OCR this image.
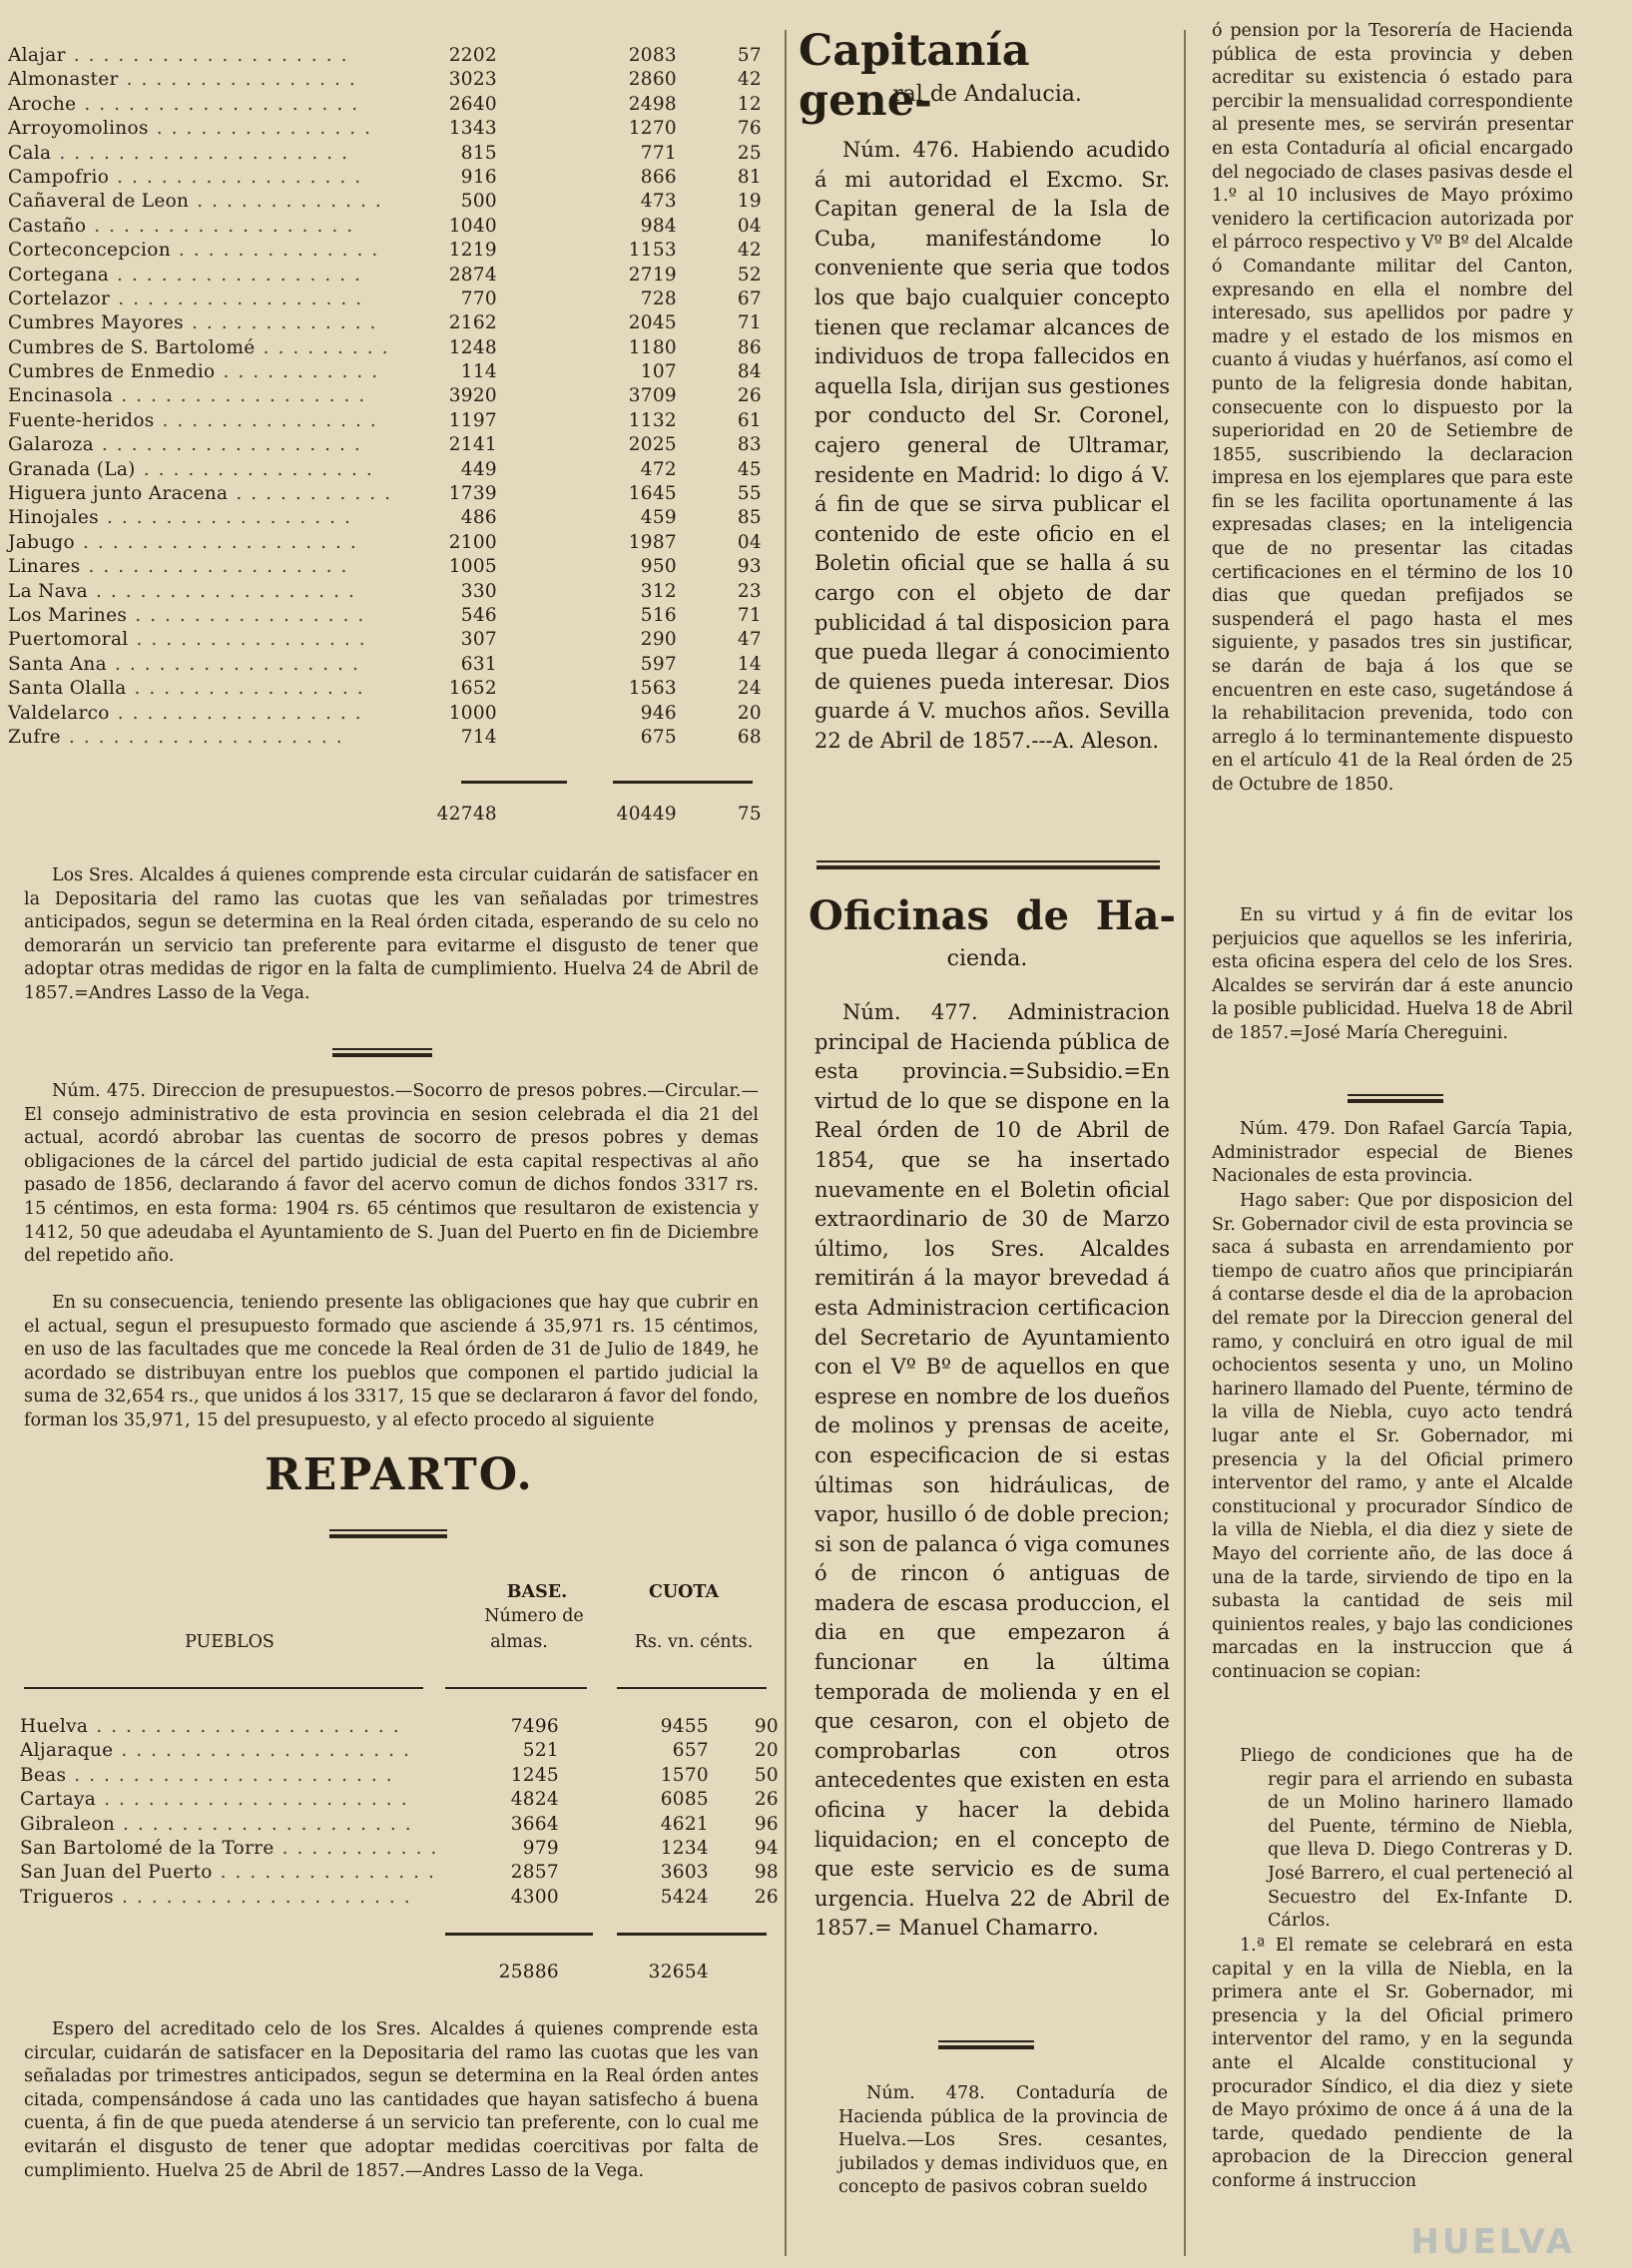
Alajar ...................	2202	2083	57
Almonaster ................	3023	2860	42
Aroche ...................	2640	2498	12
Arroyomolinos ...............	1343	1270	76
Cala ....................	815	771	25
Campofrio .................	916	866	81
Cañaveral de Leon .............	500	473	19
Castaño ..................	1040	984	04
Corteconcepcion ..............	1219	1153	42
Cortegana .................	2874	2719	52
Cortelazor .................	770	728	67
Cumbres Mayores .............	2162	2045	71
Cumbres de S. Bartolomé .........	1248	1180	86
Cumbres de Enmedio ...........	114	107	84
Encinasola .................	3920	3709	26
Fuente-heridos ...............	1197	1132	61
Galaroza ..................	2141	2025	83
Granada (La) ................	449	472	45
Higuera junto Aracena ...........	1739	1645	55
Hinojales .................	486	459	85
Jabugo ...................	2100	1987	04
Linares ..................	1005	950	93
La Nava ..................	330	312	23
Los Marines ................	546	516	71
Puertomoral ................	307	290	47
Santa Ana .................	631	597	14
Santa Olalla ................	1652	1563	24
Valdelarco .................	1000	946	20
Zufre ...................	714	675	68
42748	40449	75
Los Sres. Alcaldes á quienes comprende esta circular cuidarán de satisfacer en la Depositaria del ramo las cuotas que les van señaladas por trimestres anticipados, segun se determina en la Real órden citada, esperando de su celo no demorarán un servicio tan preferente para evitarme el disgusto de tener que adoptar otras medidas de rigor en la falta de cumplimiento. Huelva 24 de Abril de 1857.=Andres Lasso de la Vega.
Núm. 475. Direccion de presupuestos.—Socorro de presos pobres.—Circular.—El consejo administrativo de esta provincia en sesion celebrada el dia 21 del actual, acordó abrobar las cuentas de socorro de presos pobres y demas obligaciones de la cárcel del partido judicial de esta capital respectivas al año pasado de 1856, declarando á favor del acervo comun de dichos fondos 3317 rs. 15 céntimos, en esta forma: 1904 rs. 65 céntimos que resultaron de existencia y 1412, 50 que adeudaba el Ayuntamiento de S. Juan del Puerto en fin de Diciembre del repetido año.
En su consecuencia, teniendo presente las obligaciones que hay que cubrir en el actual, segun el presupuesto formado que asciende á 35,971 rs. 15 céntimos, en uso de las facultades que me concede la Real órden de 31 de Julio de 1849, he acordado se distribuyan entre los pueblos que componen el partido judicial la suma de 32,654 rs., que unidos á los 3317, 15 que se declararon á favor del fondo, forman los 35,971, 15 del presupuesto, y al efecto procedo al siguiente
REPARTO.
BASE.
Número de
almas.
CUOTA
Rs. vn. cénts.
PUEBLOS
Huelva .....................	7496	9455	90
Aljaraque ....................	521	657	20
Beas ......................	1245	1570	50
Cartaya .....................	4824	6085	26
Gibraleon ....................	3664	4621	96
San Bartolomé de la Torre ...........	979	1234	94
San Juan del Puerto ...............	2857	3603	98
Trigueros ....................	4300	5424	26
25886	32654
Espero del acreditado celo de los Sres. Alcaldes á quienes comprende esta circular, cuidarán de satisfacer en la Depositaria del ramo las cuotas que les van señaladas por trimestres anticipados, segun se determina en la Real órden antes citada, compensándose á cada uno las cantidades que hayan satisfecho á buena cuenta, á fin de que pueda atenderse á un servicio tan preferente, con lo cual me evitarán el disgusto de tener que adoptar medidas coercitivas por falta de cumplimiento. Huelva 25 de Abril de 1857.—Andres Lasso de la Vega.
Capitanía gene-
ral de Andalucia.
Núm. 476. Habiendo acudido á mi autoridad el Excmo. Sr. Capitan general de la Isla de Cuba, manifestándome lo conveniente que seria que todos los que bajo cualquier concepto tienen que reclamar alcances de individuos de tropa fallecidos en aquella Isla, dirijan sus gestiones por conducto del Sr. Coronel, cajero general de Ultramar, residente en Madrid: lo digo á V. á fin de que se sirva publicar el contenido de este oficio en el Boletin oficial que se halla á su cargo con el objeto de dar publicidad á tal disposicion para que pueda llegar á conocimiento de quienes pueda interesar. Dios guarde á V. muchos años. Sevilla 22 de Abril de 1857.---A. Aleson.
Oficinas de Ha-
cienda.
Núm. 477. Administracion principal de Hacienda pública de esta provincia.=Subsidio.=En virtud de lo que se dispone en la Real órden de 10 de Abril de 1854, que se ha insertado nuevamente en el Boletin oficial extraordinario de 30 de Marzo último, los Sres. Alcaldes remitirán á la mayor brevedad á esta Administracion certificacion del Secretario de Ayuntamiento con el Vº Bº de aquellos en que esprese en nombre de los dueños de molinos y prensas de aceite, con especificacion de si estas últimas son hidráulicas, de vapor, husillo ó de doble precion; si son de palanca ó viga comunes ó de rincon ó antiguas de madera de escasa produccion, el dia en que empezaron á funcionar en la última temporada de molienda y en el que cesaron, con el objeto de comprobarlas con otros antecedentes que existen en esta oficina y hacer la debida liquidacion; en el concepto de que este servicio es de suma urgencia. Huelva 22 de Abril de 1857.= Manuel Chamarro.
Núm. 478. Contaduría de Hacienda pública de la provincia de Huelva.—Los Sres. cesantes, jubilados y demas individuos que, en concepto de pasivos cobran sueldo
ó pension por la Tesorería de Hacienda pública de esta provincia y deben acreditar su existencia ó estado para percibir la mensualidad correspondiente al presente mes, se servirán presentar en esta Contaduría al oficial encargado del negociado de clases pasivas desde el 1.º al 10 inclusives de Mayo próximo venidero la certificacion autorizada por el párroco respectivo y Vº Bº del Alcalde ó Comandante militar del Canton, expresando en ella el nombre del interesado, sus apellidos por padre y madre y el estado de los mismos en cuanto á viudas y huérfanos, así como el punto de la feligresia donde habitan, consecuente con lo dispuesto por la superioridad en 20 de Setiembre de 1855, suscribiendo la declaracion impresa en los ejemplares que para este fin se les facilita oportunamente á las expresadas clases; en la inteligencia que de no presentar las citadas certificaciones en el término de los 10 dias que quedan prefijados se suspenderá el pago hasta el mes siguiente, y pasados tres sin justificar, se darán de baja á los que se encuentren en este caso, sugetándose á la rehabilitacion prevenida, todo con arreglo á lo terminantemente dispuesto en el artículo 41 de la Real órden de 25 de Octubre de 1850.
En su virtud y á fin de evitar los perjuicios que aquellos se les inferiria, esta oficina espera del celo de los Sres. Alcaldes se servirán dar á este anuncio la posible publicidad. Huelva 18 de Abril de 1857.=José María Chereguini.
Núm. 479. Don Rafael García Tapia, Administrador especial de Bienes Nacionales de esta provincia.
Hago saber: Que por disposicion del Sr. Gobernador civil de esta provincia se saca á subasta en arrendamiento por tiempo de cuatro años que principiarán á contarse desde el dia de la aprobacion del remate por la Direccion general del ramo, y concluirá en otro igual de mil ochocientos sesenta y uno, un Molino harinero llamado del Puente, término de la villa de Niebla, cuyo acto tendrá lugar ante el Sr. Gobernador, mi presencia y la del Oficial primero interventor del ramo, y ante el Alcalde constitucional y procurador Síndico de la villa de Niebla, el dia diez y siete de Mayo del corriente año, de las doce á una de la tarde, sirviendo de tipo en la subasta la cantidad de seis mil quinientos reales, y bajo las condiciones marcadas en la instruccion que á continuacion se copian:
Pliego de condiciones que ha de regir para el arriendo en subasta de un Molino harinero llamado del Puente, término de Niebla, que lleva D. Diego Contreras y D. José Barrero, el cual perteneció al Secuestro del Ex-Infante D. Cárlos.
1.ª El remate se celebrará en esta capital y en la villa de Niebla, en la primera ante el Sr. Gobernador, mi presencia y la del Oficial primero interventor del ramo, y en la segunda ante el Alcalde constitucional y procurador Síndico, el dia diez y siete de Mayo próximo de once á á una de la tarde, quedado pendiente de la aprobacion de la Direccion general conforme á instruccion
HUELVA
